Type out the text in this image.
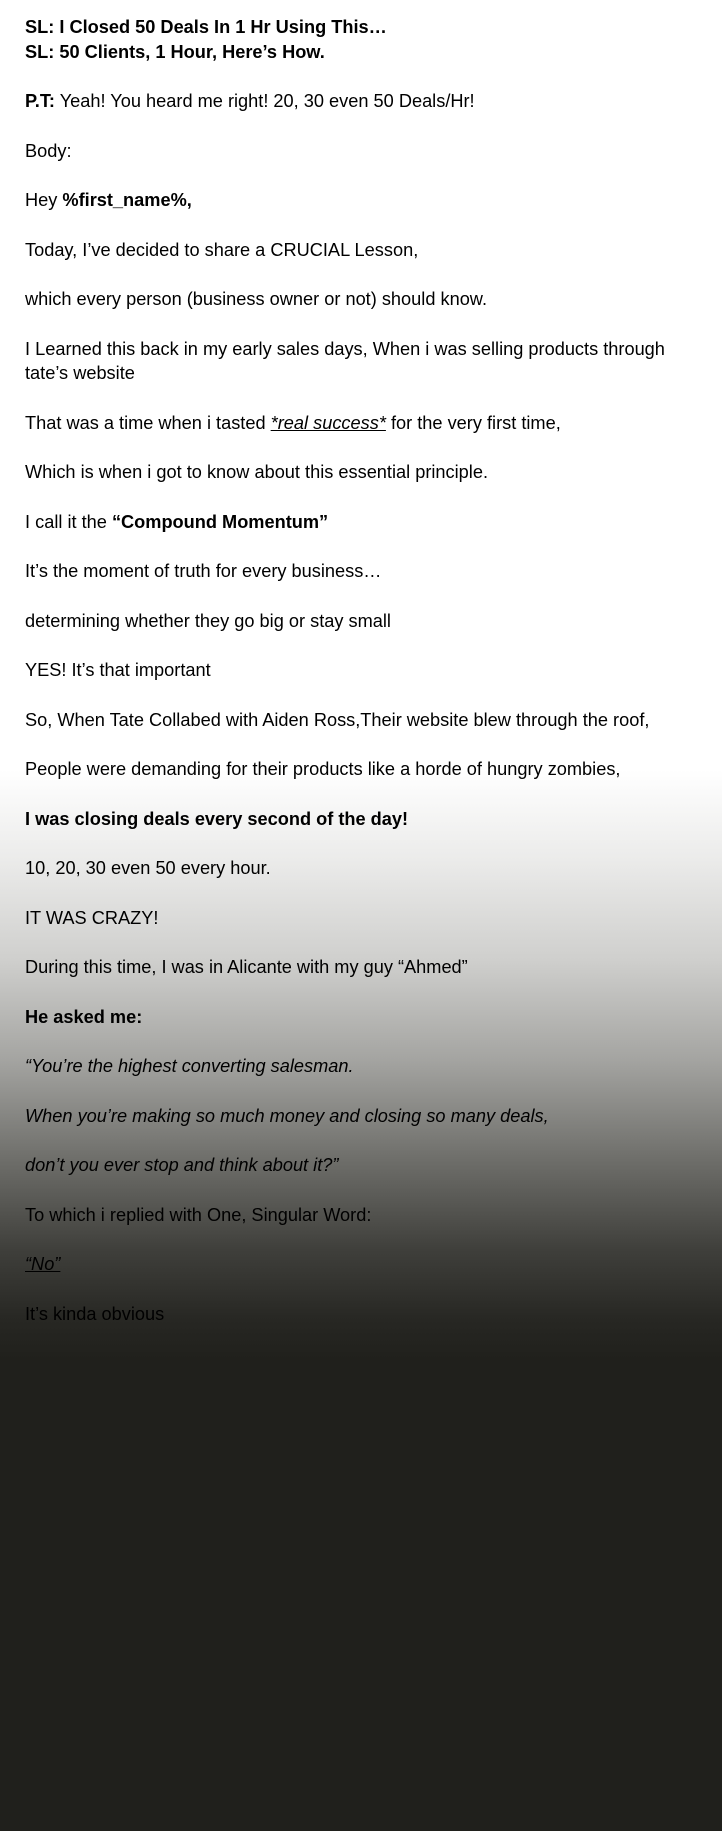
SL: I Closed 50 Deals In 1 Hr Using This…

SL: 50 Clients, 1 Hour, Here’s How.

P.T: Yeah! You heard me right! 20, 30 even 50 Deals/Hr!

Body:

Hey %first_name%,

Today, I’ve decided to share a CRUCIAL Lesson,

which every person (business owner or not) should know.

I Learned this back in my early sales days, When i was selling products through tate’s website

That was a time when i tasted *real success* for the very first time,

Which is when i got to know about this essential principle.

I call it the “Compound Momentum”

It’s the moment of truth for every business…

determining whether they go big or stay small

YES! It’s that important

So, When Tate Collabed with Aiden Ross,Their website blew through the roof,

People were demanding for their products like a horde of hungry zombies,

I was closing deals every second of the day!

10, 20, 30 even 50 every hour.

IT WAS CRAZY!

During this time, I was in Alicante with my guy “Ahmed”

He asked me:

“You’re the highest converting salesman.

When you’re making so much money and closing so many deals,

don’t you ever stop and think about it?”

To which i replied with One, Singular Word:

“No”

It’s kinda obvious
